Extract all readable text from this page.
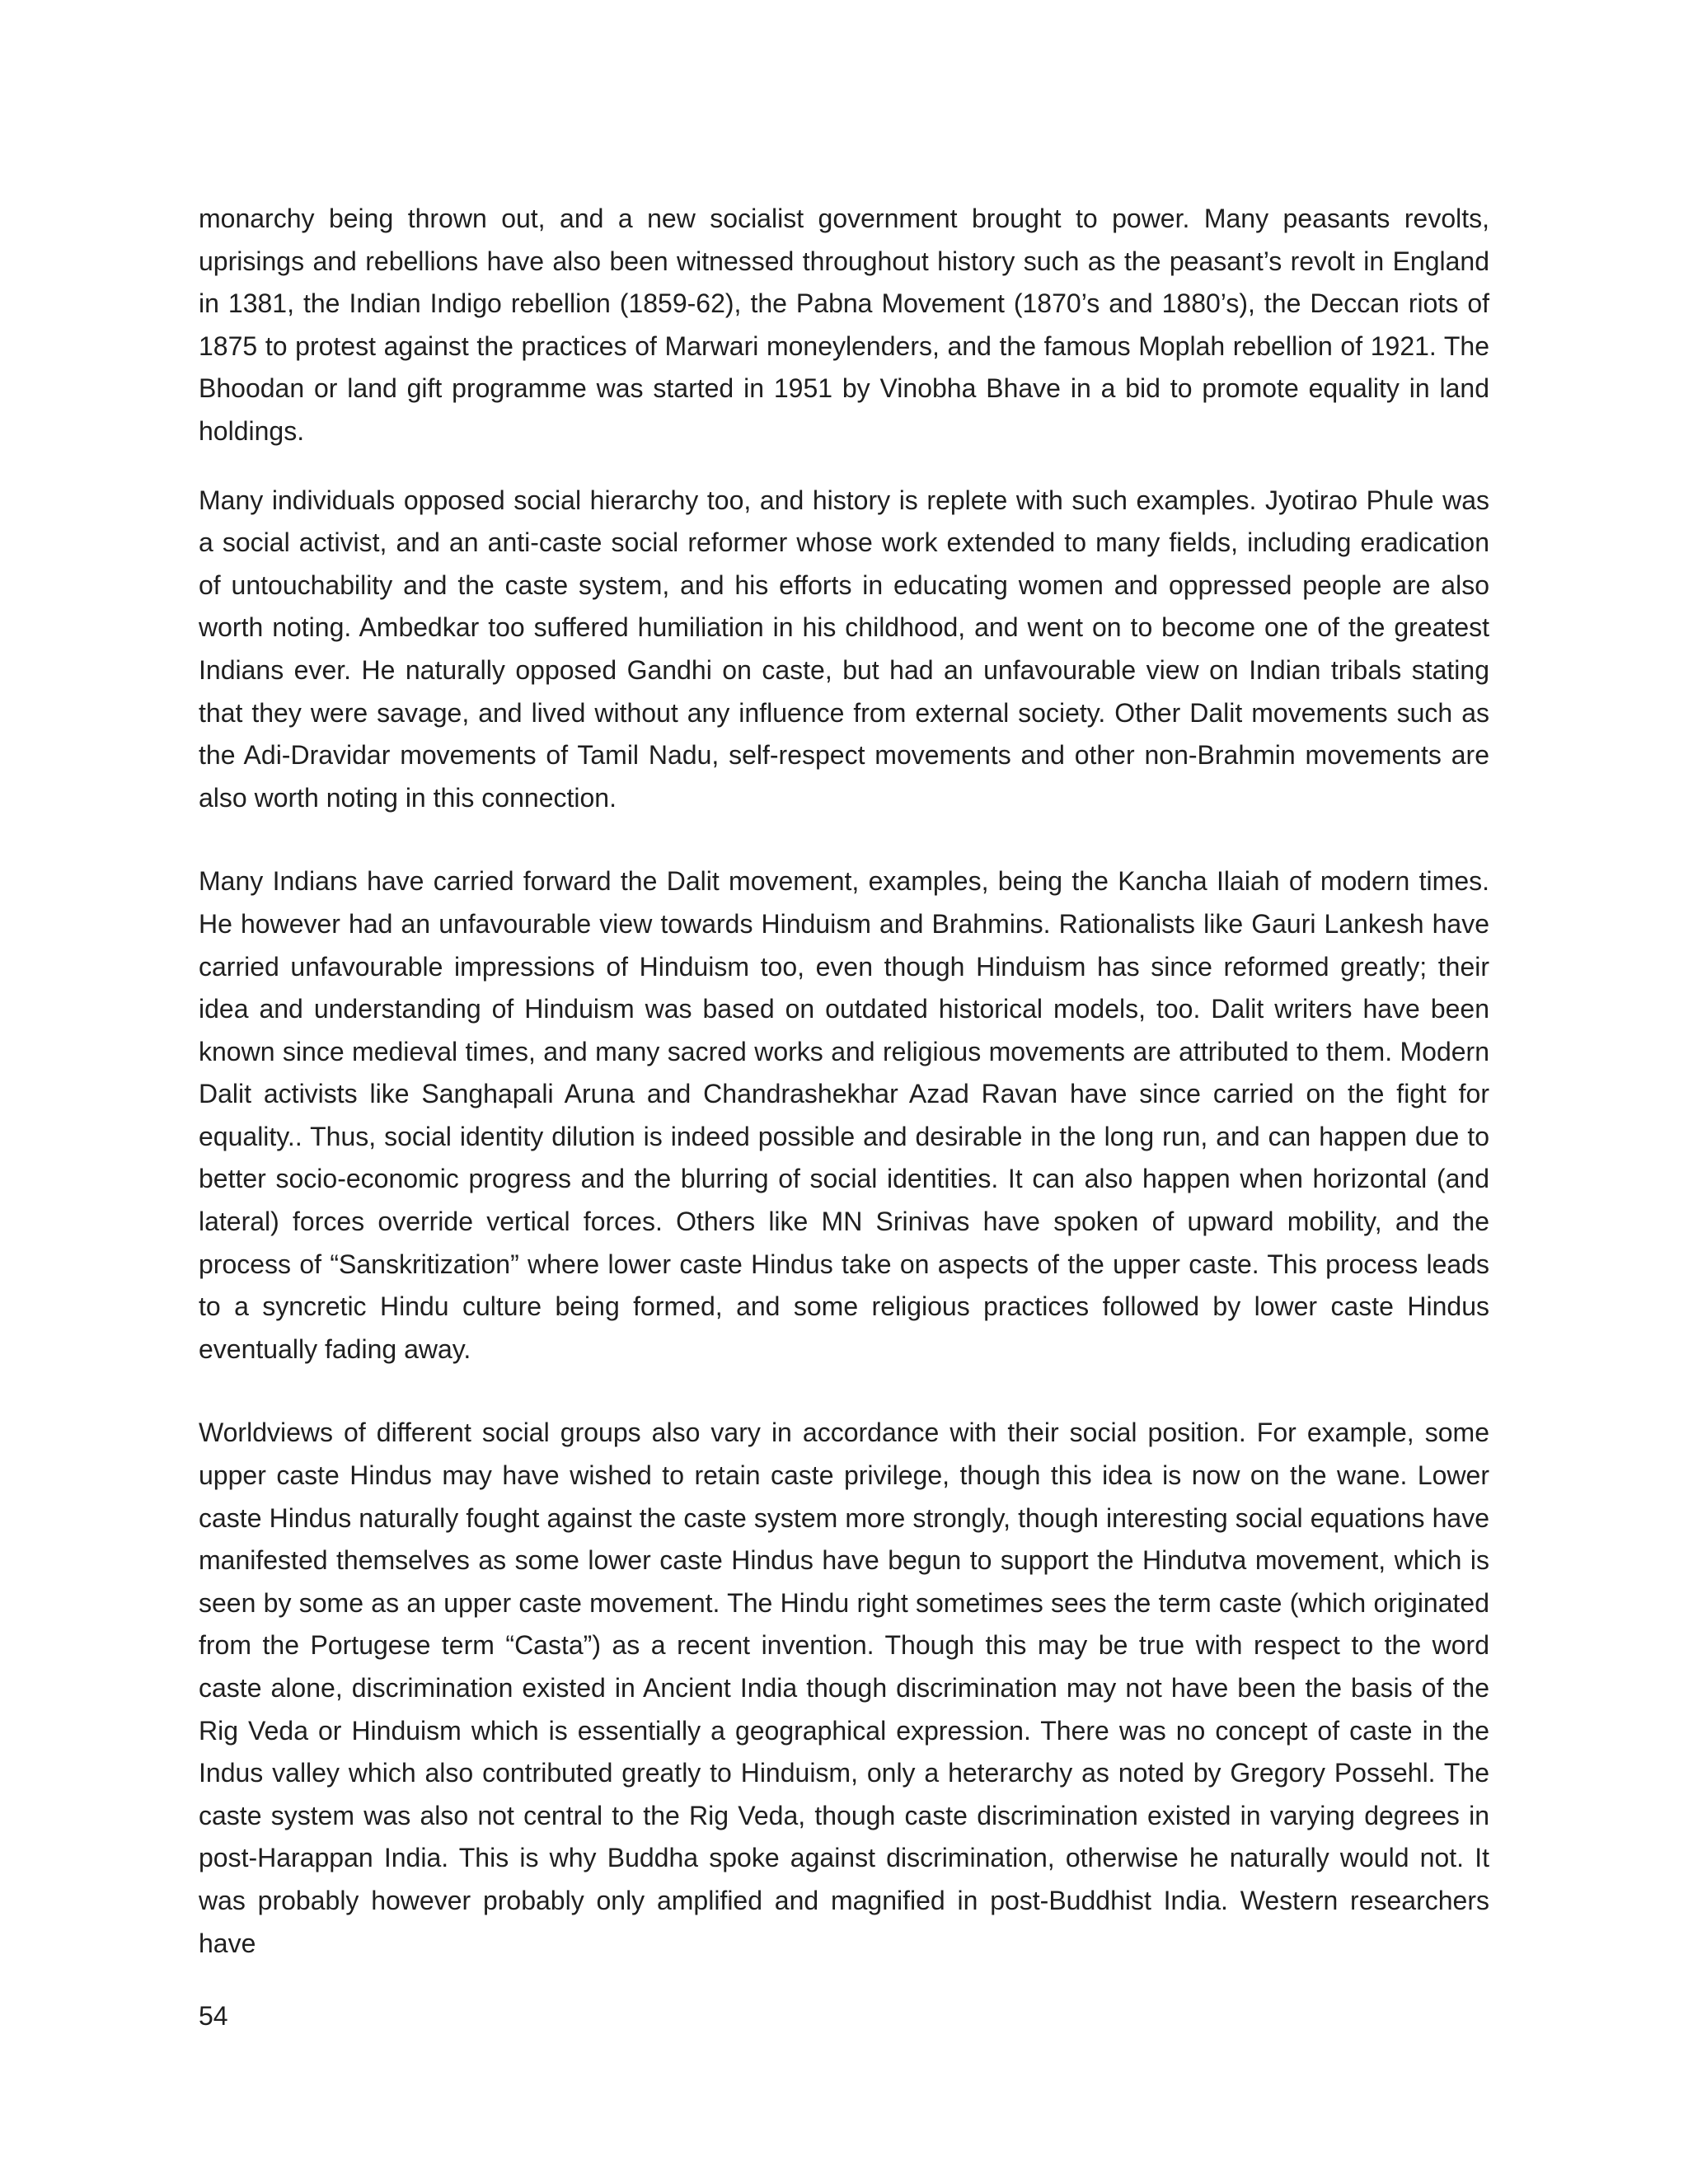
monarchy being thrown out, and a new socialist government brought to power. Many peasants revolts, uprisings and rebellions have also been witnessed throughout history such as the peasant’s revolt in England in 1381, the Indian Indigo rebellion (1859-62), the Pabna Movement (1870’s and 1880’s), the Deccan riots of 1875 to protest against the practices of Marwari moneylenders, and the famous Moplah rebellion of 1921. The Bhoodan or land gift programme was started in 1951 by Vinobha Bhave in a bid to promote equality in land holdings.

Many individuals opposed social hierarchy too, and history is replete with such examples. Jyotirao Phule was a social activist, and an anti-caste social reformer whose work extended to many fields, including eradication of untouchability and the caste system, and his efforts in educating women and oppressed people are also worth noting. Ambedkar too suffered humiliation in his childhood, and went on to become one of the greatest Indians ever. He naturally opposed Gandhi on caste, but had an unfavourable view on Indian tribals stating that they were savage, and lived without any influence from external society. Other Dalit movements such as the Adi-Dravidar movements of Tamil Nadu, self-respect movements and other non-Brahmin movements are also worth noting in this connection.

Many Indians have carried forward the Dalit movement, examples, being the Kancha Ilaiah of modern times. He however had an unfavourable view towards Hinduism and Brahmins. Rationalists like Gauri Lankesh have carried unfavourable impressions of Hinduism too, even though Hinduism has since reformed greatly; their idea and understanding of Hinduism was based on outdated historical models, too. Dalit writers have been known since medieval times, and many sacred works and religious movements are attributed to them. Modern Dalit activists like Sanghapali Aruna and Chandrashekhar Azad Ravan have since carried on the fight for equality.. Thus, social identity dilution is indeed possible and desirable in the long run, and can happen due to better socio-economic progress and the blurring of social identities. It can also happen when horizontal (and lateral) forces override vertical forces. Others like MN Srinivas have spoken of upward mobility, and the process of “Sanskritization” where lower caste Hindus take on aspects of the upper caste. This process leads to a syncretic Hindu culture being formed, and some religious practices followed by lower caste Hindus eventually fading away.

Worldviews of different social groups also vary in accordance with their social position. For example, some upper caste Hindus may have wished to retain caste privilege, though this idea is now on the wane. Lower caste Hindus naturally fought against the caste system more strongly, though interesting social equations have manifested themselves as some lower caste Hindus have begun to support the Hindutva movement, which is seen by some as an upper caste movement. The Hindu right sometimes sees the term caste (which originated from the Portugese term “Casta”) as a recent invention. Though this may be true with respect to the word caste alone, discrimination existed in Ancient India though discrimination may not have been the basis of the Rig Veda or Hinduism which is essentially a geographical expression. There was no concept of caste in the Indus valley which also contributed greatly to Hinduism, only a heterarchy as noted by Gregory Possehl. The caste system was also not central to the Rig Veda, though caste discrimination existed in varying degrees in post-Harappan India. This is why Buddha spoke against discrimination, otherwise he naturally would not. It was probably however probably only amplified and magnified in post-Buddhist India. Western researchers have

54
